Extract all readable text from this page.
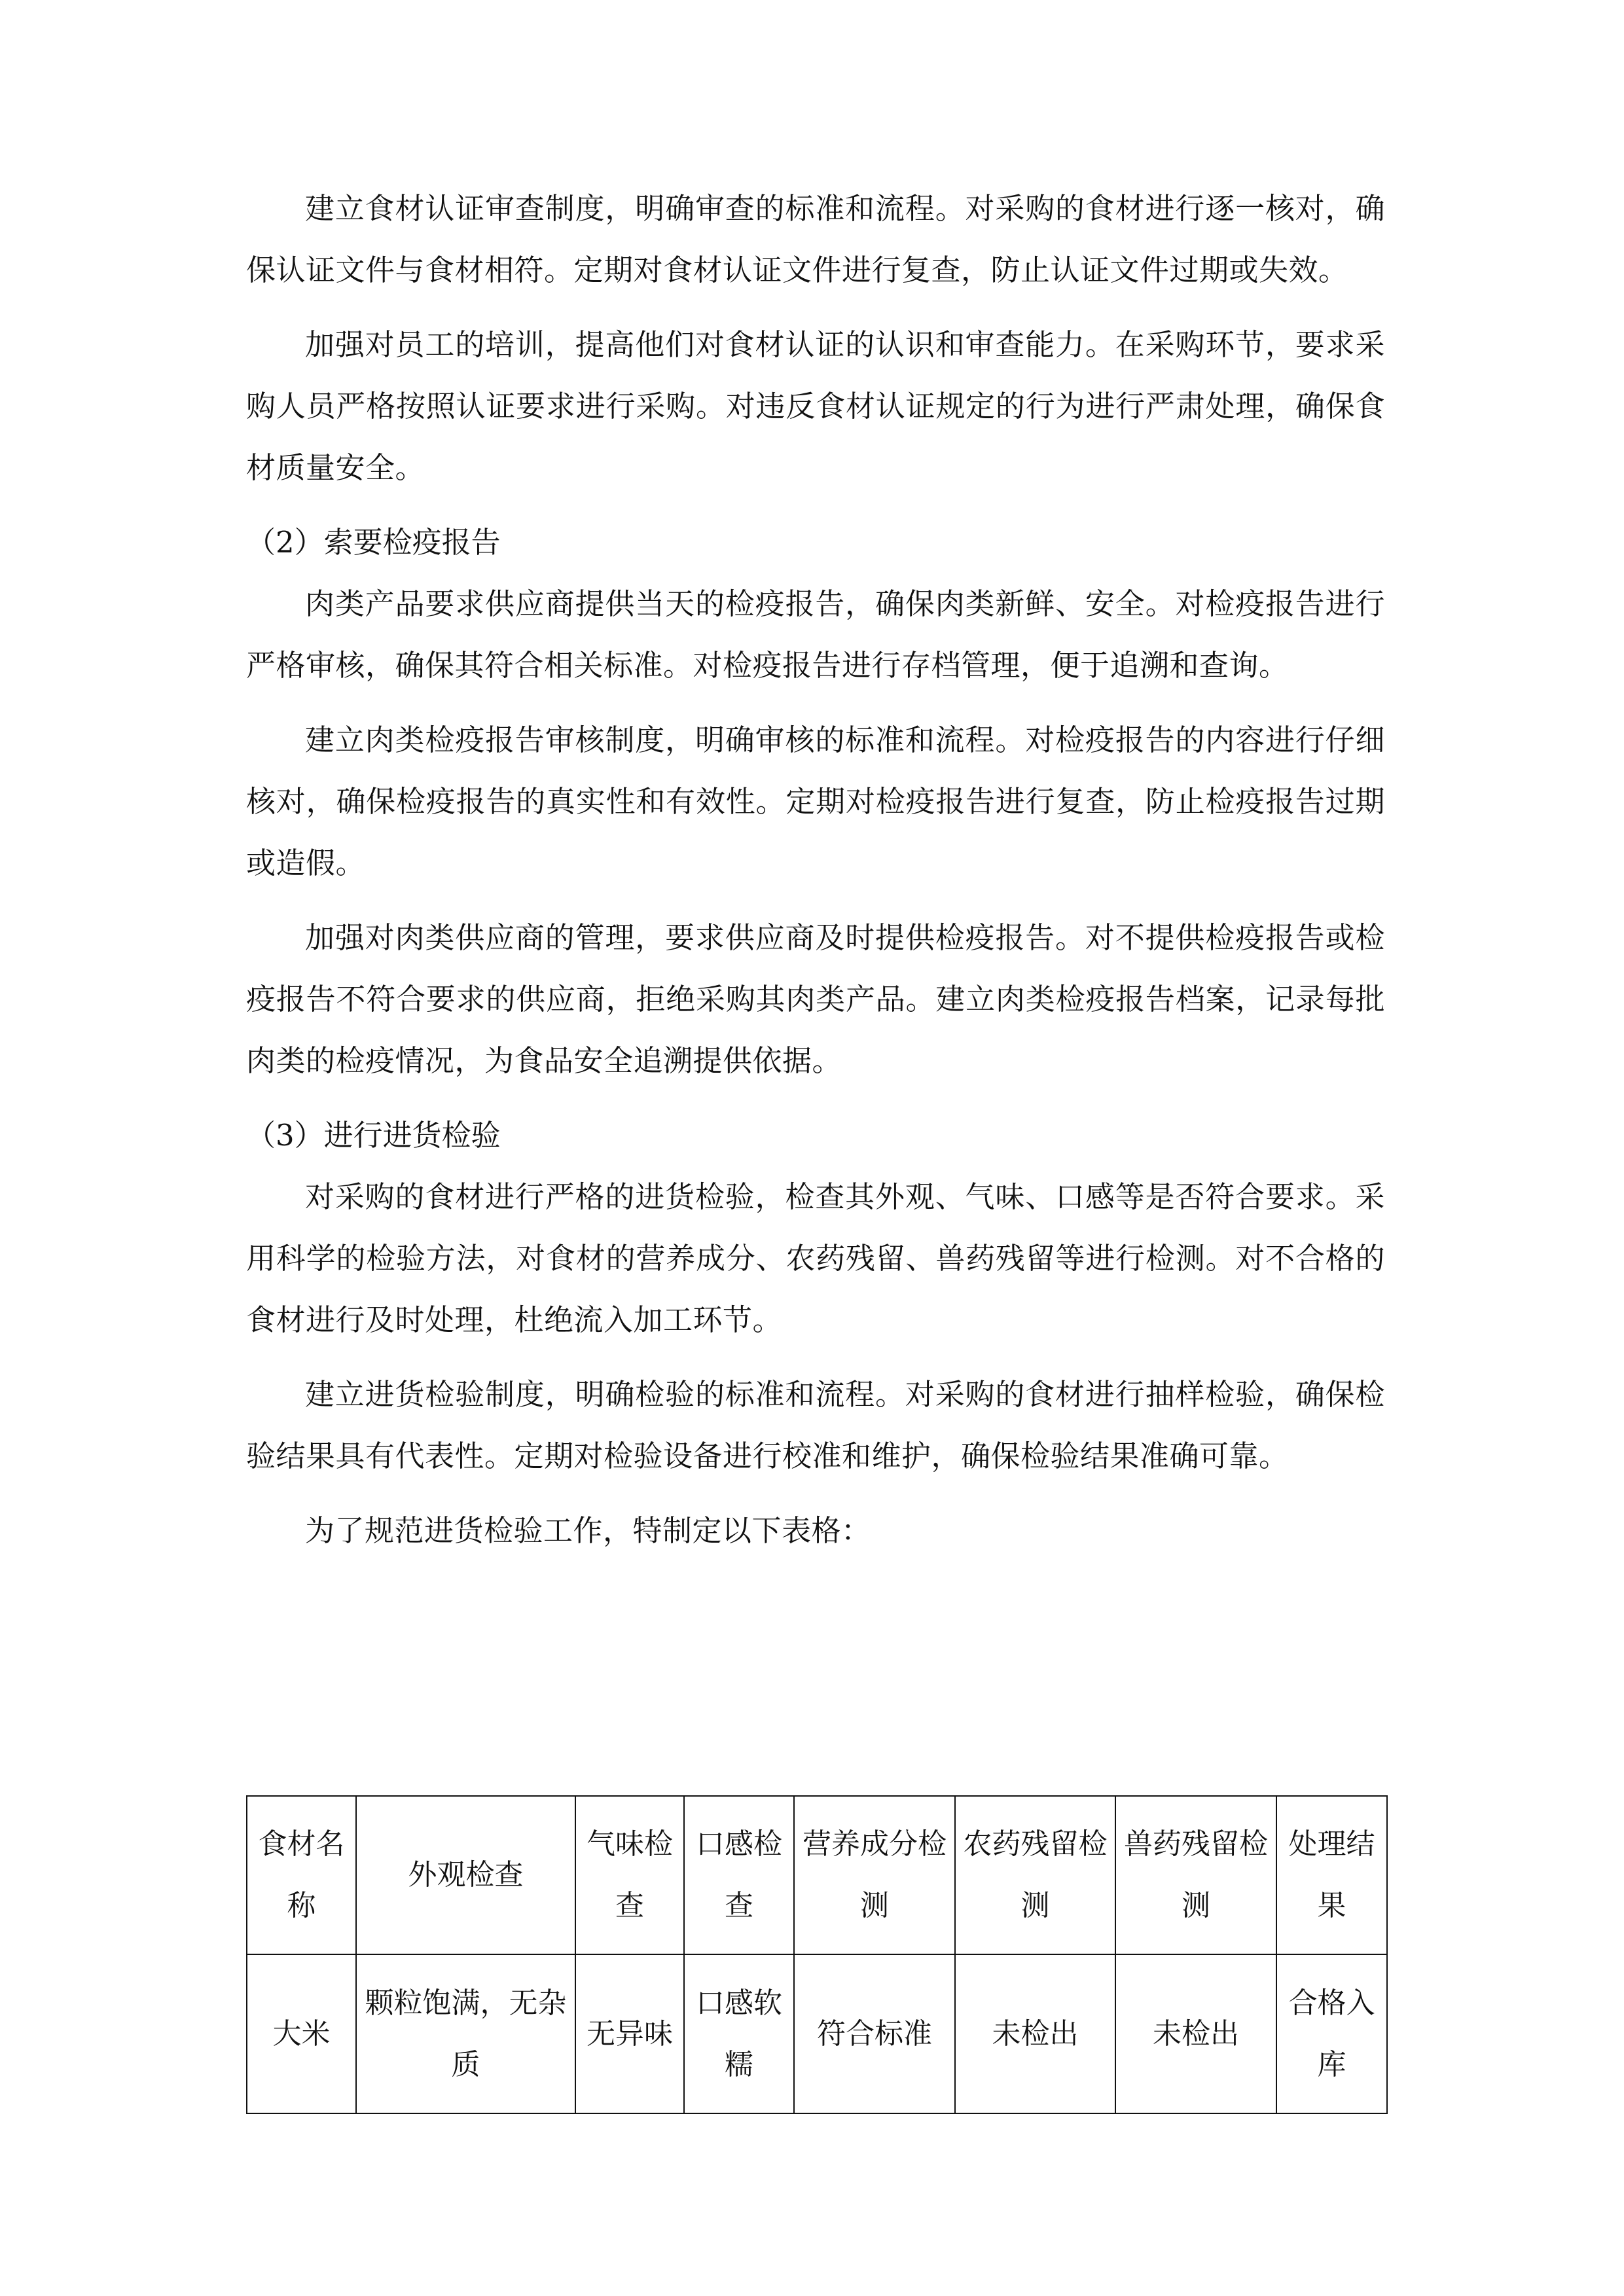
建立食材认证审查制度，明确审查的标准和流程。对采购的食材进行逐一核对，确保认证文件与食材相符。定期对食材认证文件进行复查，防止认证文件过期或失效。

加强对员工的培训，提高他们对食材认证的认识和审查能力。在采购环节，要求采购人员严格按照认证要求进行采购。对违反食材认证规定的行为进行严肃处理，确保食材质量安全。

（2）索要检疫报告

肉类产品要求供应商提供当天的检疫报告，确保肉类新鲜、安全。对检疫报告进行严格审核，确保其符合相关标准。对检疫报告进行存档管理，便于追溯和查询。

建立肉类检疫报告审核制度，明确审核的标准和流程。对检疫报告的内容进行仔细核对，确保检疫报告的真实性和有效性。定期对检疫报告进行复查，防止检疫报告过期或造假。

加强对肉类供应商的管理，要求供应商及时提供检疫报告。对不提供检疫报告或检疫报告不符合要求的供应商，拒绝采购其肉类产品。建立肉类检疫报告档案，记录每批肉类的检疫情况，为食品安全追溯提供依据。

（3）进行进货检验

对采购的食材进行严格的进货检验，检查其外观、气味、口感等是否符合要求。采用科学的检验方法，对食材的营养成分、农药残留、兽药残留等进行检测。对不合格的食材进行及时处理，杜绝流入加工环节。

建立进货检验制度，明确检验的标准和流程。对采购的食材进行抽样检验，确保检验结果具有代表性。定期对检验设备进行校准和维护，确保检验结果准确可靠。

为了规范进货检验工作，特制定以下表格：

食材名称	外观检查	气味检查	口感检查	营养成分检测	农药残留检测	兽药残留检测	处理结果
大米	颗粒饱满，无杂质	无异味	口感软糯	符合标准	未检出	未检出	合格入库
